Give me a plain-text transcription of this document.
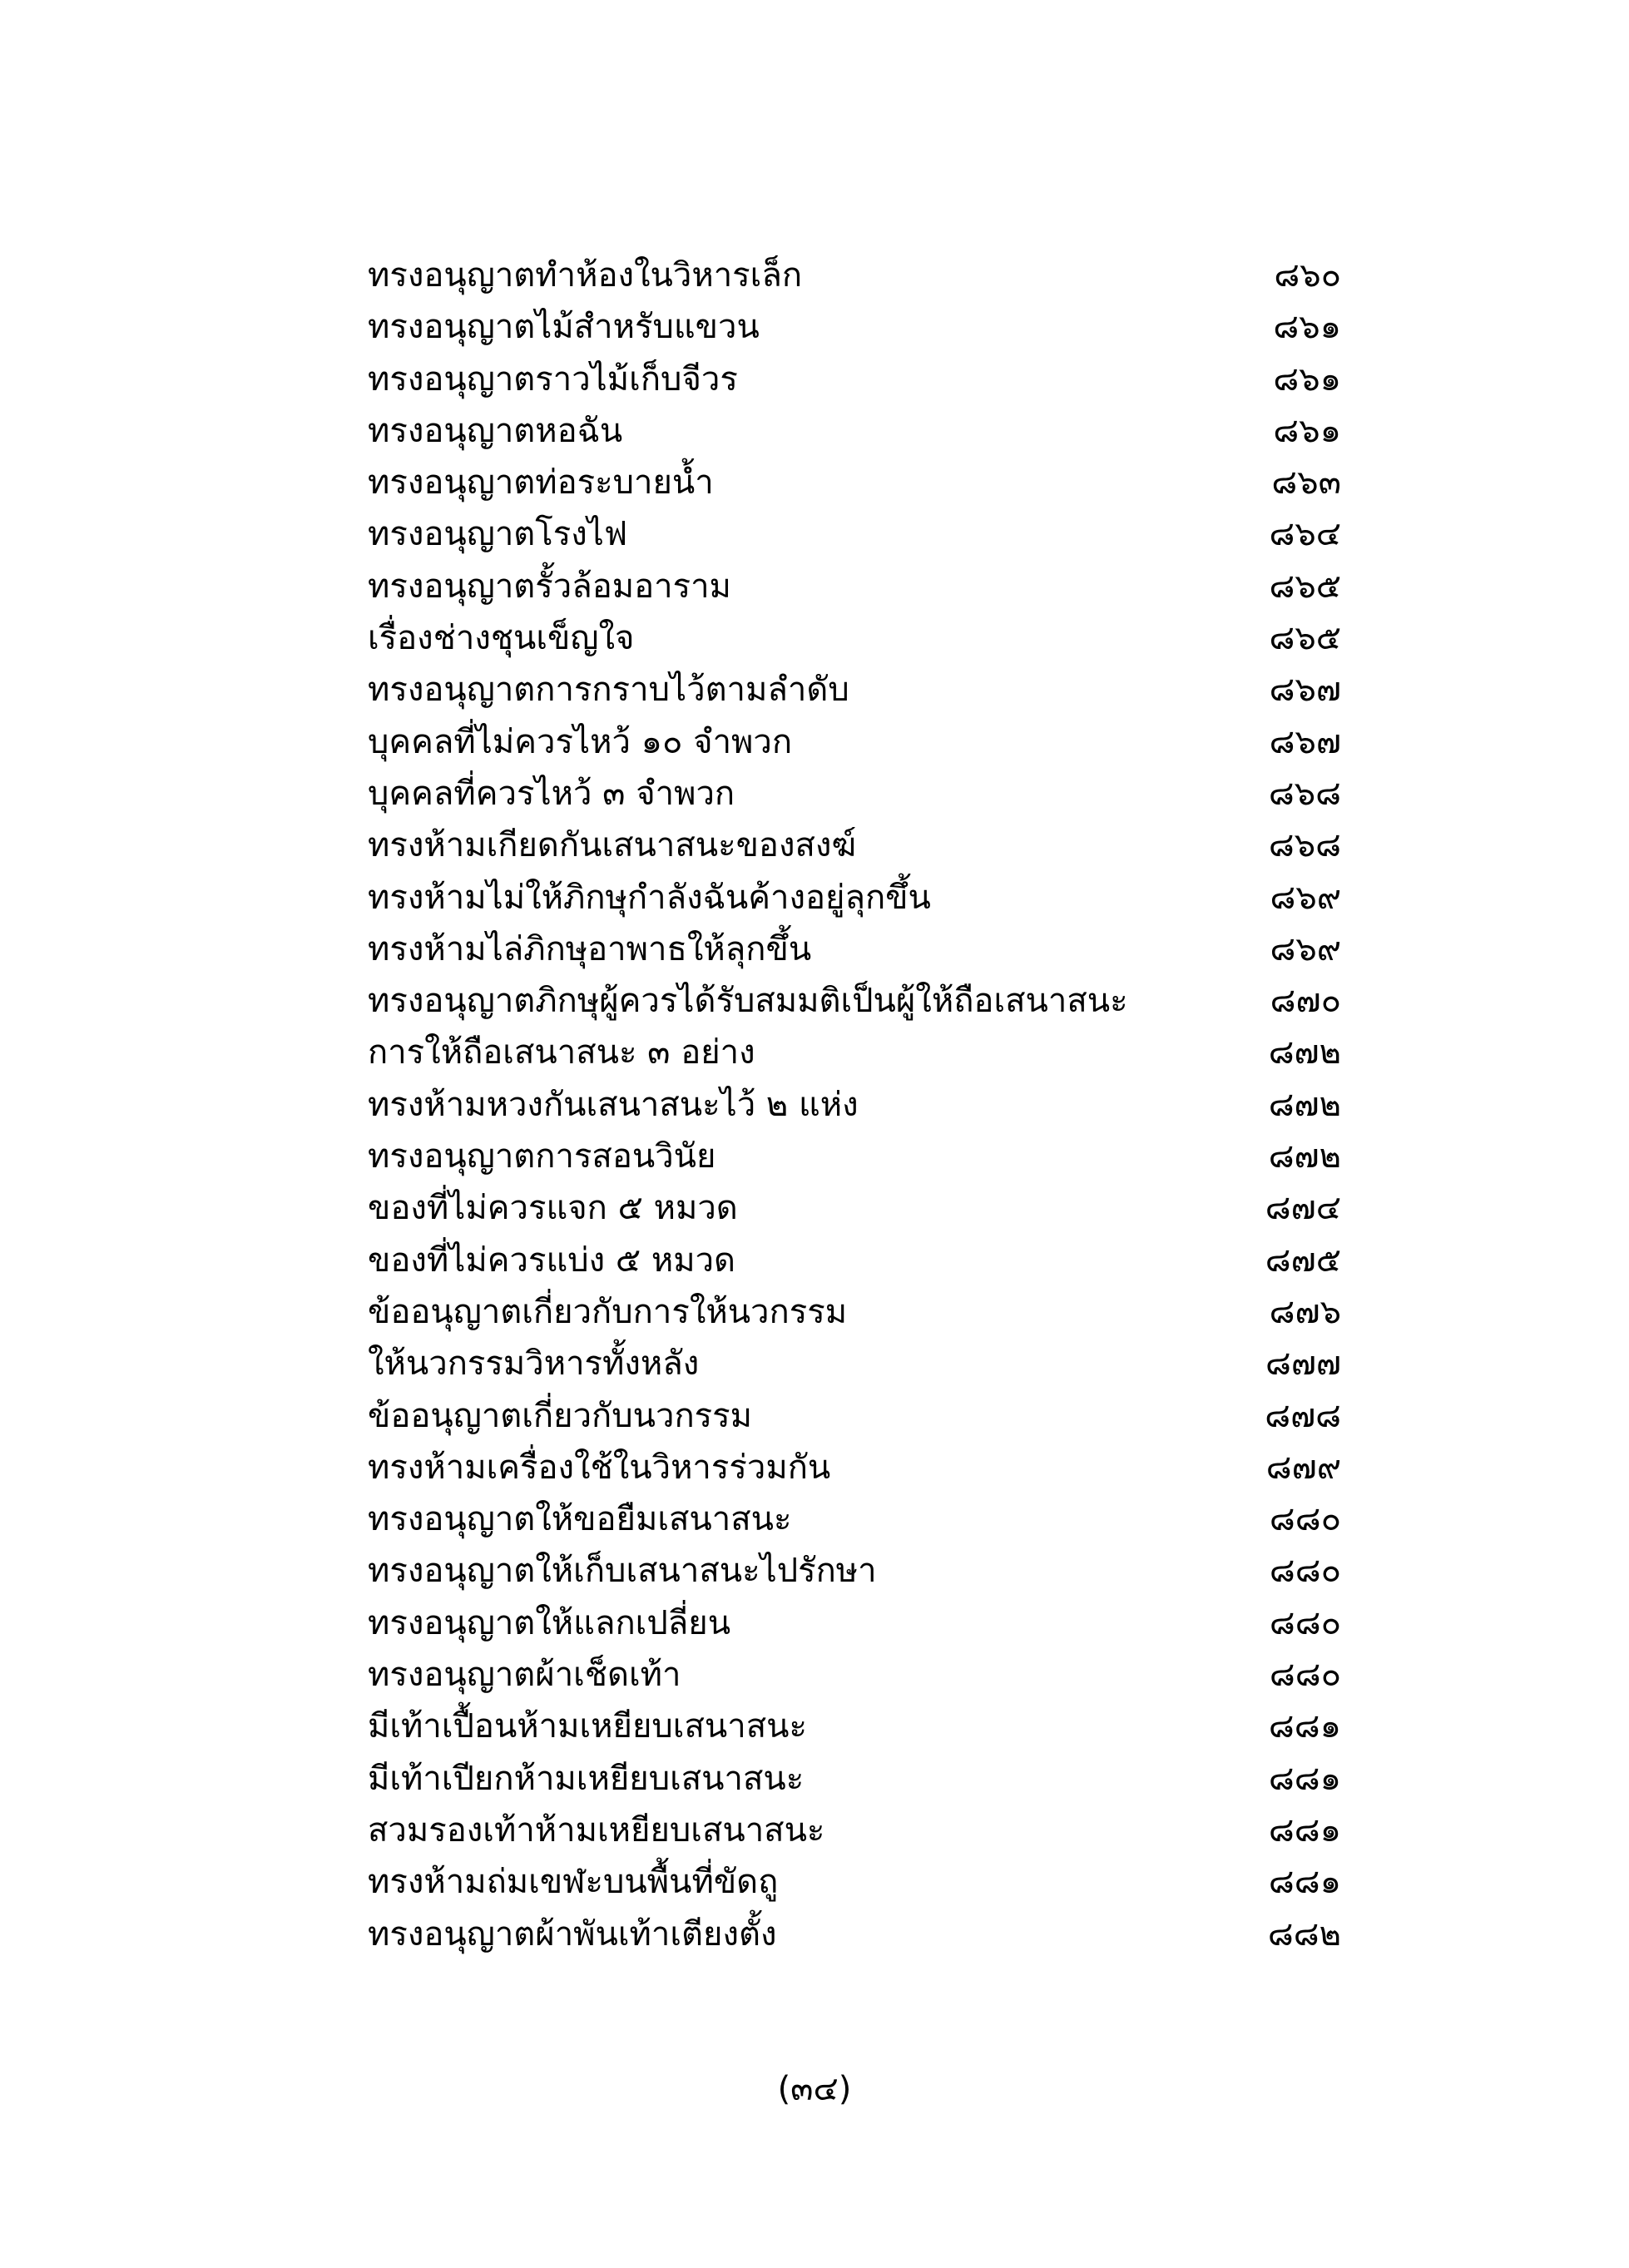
ทรงอนุญาตทำห้องในวิหารเล็ก	๘๖๐
ทรงอนุญาตไม้สำหรับแขวน	๘๖๑
ทรงอนุญาตราวไม้เก็บจีวร	๘๖๑
ทรงอนุญาตหอฉัน	๘๖๑
ทรงอนุญาตท่อระบายน้ำ	๘๖๓
ทรงอนุญาตโรงไฟ	๘๖๔
ทรงอนุญาตรั้วล้อมอาราม	๘๖๕
เรื่องช่างชุนเข็ญใจ	๘๖๕
ทรงอนุญาตการกราบไว้ตามลำดับ	๘๖๗
บุคคลที่ไม่ควรไหว้ ๑๐ จำพวก	๘๖๗
บุคคลที่ควรไหว้ ๓ จำพวก	๘๖๘
ทรงห้ามเกียดกันเสนาสนะของสงฆ์	๘๖๘
ทรงห้ามไม่ให้ภิกษุกำลังฉันค้างอยู่ลุกขึ้น	๘๖๙
ทรงห้ามไล่ภิกษุอาพาธให้ลุกขึ้น	๘๖๙
ทรงอนุญาตภิกษุผู้ควรได้รับสมมติเป็นผู้ให้ถือเสนาสนะ	๘๗๐
การให้ถือเสนาสนะ ๓ อย่าง	๘๗๒
ทรงห้ามหวงกันเสนาสนะไว้ ๒ แห่ง	๘๗๒
ทรงอนุญาตการสอนวินัย	๘๗๒
ของที่ไม่ควรแจก ๕ หมวด	๘๗๔
ของที่ไม่ควรแบ่ง ๕ หมวด	๘๗๕
ข้ออนุญาตเกี่ยวกับการให้นวกรรม	๘๗๖
ให้นวกรรมวิหารทั้งหลัง	๘๗๗
ข้ออนุญาตเกี่ยวกับนวกรรม	๘๗๘
ทรงห้ามเครื่องใช้ในวิหารร่วมกัน	๘๗๙
ทรงอนุญาตให้ขอยืมเสนาสนะ	๘๘๐
ทรงอนุญาตให้เก็บเสนาสนะไปรักษา	๘๘๐
ทรงอนุญาตให้แลกเปลี่ยน	๘๘๐
ทรงอนุญาตผ้าเช็ดเท้า	๘๘๐
มีเท้าเปื้อนห้ามเหยียบเสนาสนะ	๘๘๑
มีเท้าเปียกห้ามเหยียบเสนาสนะ	๘๘๑
สวมรองเท้าห้ามเหยียบเสนาสนะ	๘๘๑
ทรงห้ามถ่มเขฬะบนพื้นที่ขัดถู	๘๘๑
ทรงอนุญาตผ้าพันเท้าเตียงตั้ง	๘๘๒
(๓๔)
